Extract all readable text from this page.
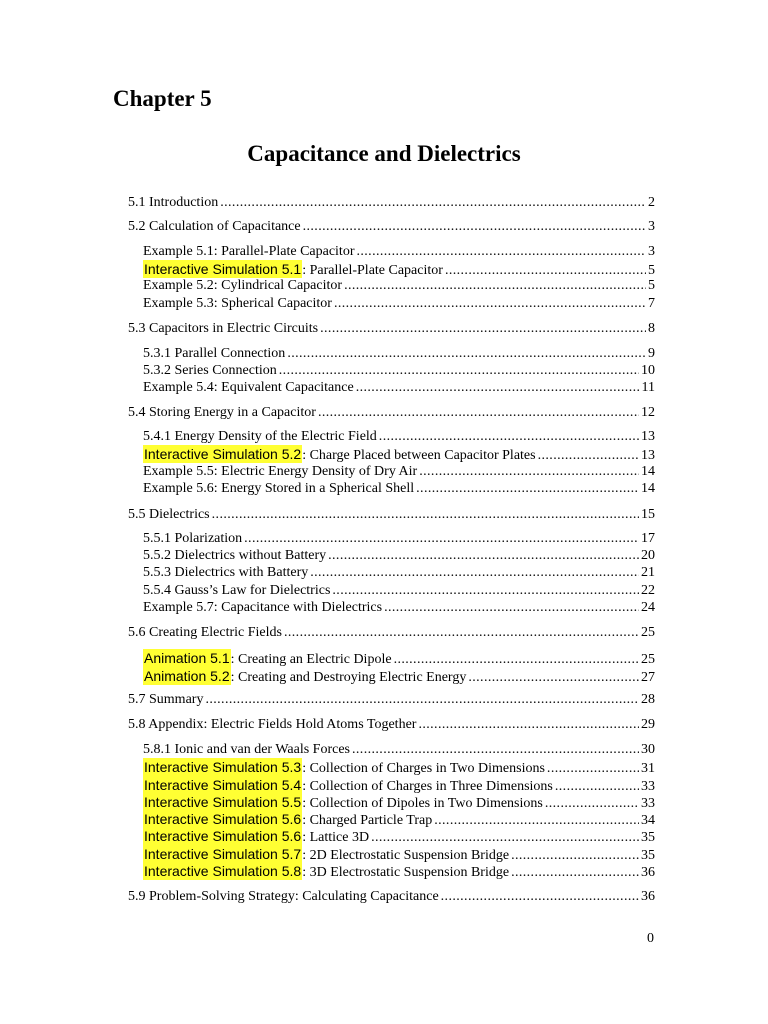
Chapter 5
Capacitance and Dielectrics
5.1 Introduction .....	2
5.2 Calculation of Capacitance .....	3
Example 5.1: Parallel-Plate Capacitor .....	3
Interactive Simulation 5.1 : Parallel-Plate Capacitor .....	5
Example 5.2: Cylindrical Capacitor .....	5
Example 5.3: Spherical Capacitor .....	7
5.3 Capacitors in Electric Circuits .....	8
5.3.1 Parallel Connection .....	9
5.3.2 Series Connection .....	10
Example 5.4: Equivalent Capacitance .....	11
5.4 Storing Energy in a Capacitor .....	12
5.4.1 Energy Density of the Electric Field .....	13
Interactive Simulation 5.2 : Charge Placed between Capacitor Plates .....	13
Example 5.5: Electric Energy Density of Dry Air .....	14
Example 5.6: Energy Stored in a Spherical Shell .....	14
5.5 Dielectrics .....	15
5.5.1 Polarization .....	17
5.5.2 Dielectrics without Battery .....	20
5.5.3 Dielectrics with Battery .....	21
5.5.4 Gauss’s Law for Dielectrics .....	22
Example 5.7: Capacitance with Dielectrics .....	24
5.6 Creating Electric Fields .....	25
Animation 5.1 : Creating an Electric Dipole .....	25
Animation 5.2 : Creating and Destroying Electric Energy .....	27
5.7 Summary .....	28
5.8 Appendix: Electric Fields Hold Atoms Together .....	29
5.8.1 Ionic and van der Waals Forces .....	30
Interactive Simulation 5.3 : Collection of Charges in Two Dimensions .....	31
Interactive Simulation 5.4 : Collection of Charges in Three Dimensions .....	33
Interactive Simulation 5.5 : Collection of Dipoles in Two Dimensions .....	33
Interactive Simulation 5.6 : Charged Particle Trap .....	34
Interactive Simulation 5.6 : Lattice 3D .....	35
Interactive Simulation 5.7 : 2D Electrostatic Suspension Bridge .....	35
Interactive Simulation 5.8 : 3D Electrostatic Suspension Bridge .....	36
5.9 Problem-Solving Strategy: Calculating Capacitance .....	36
0
